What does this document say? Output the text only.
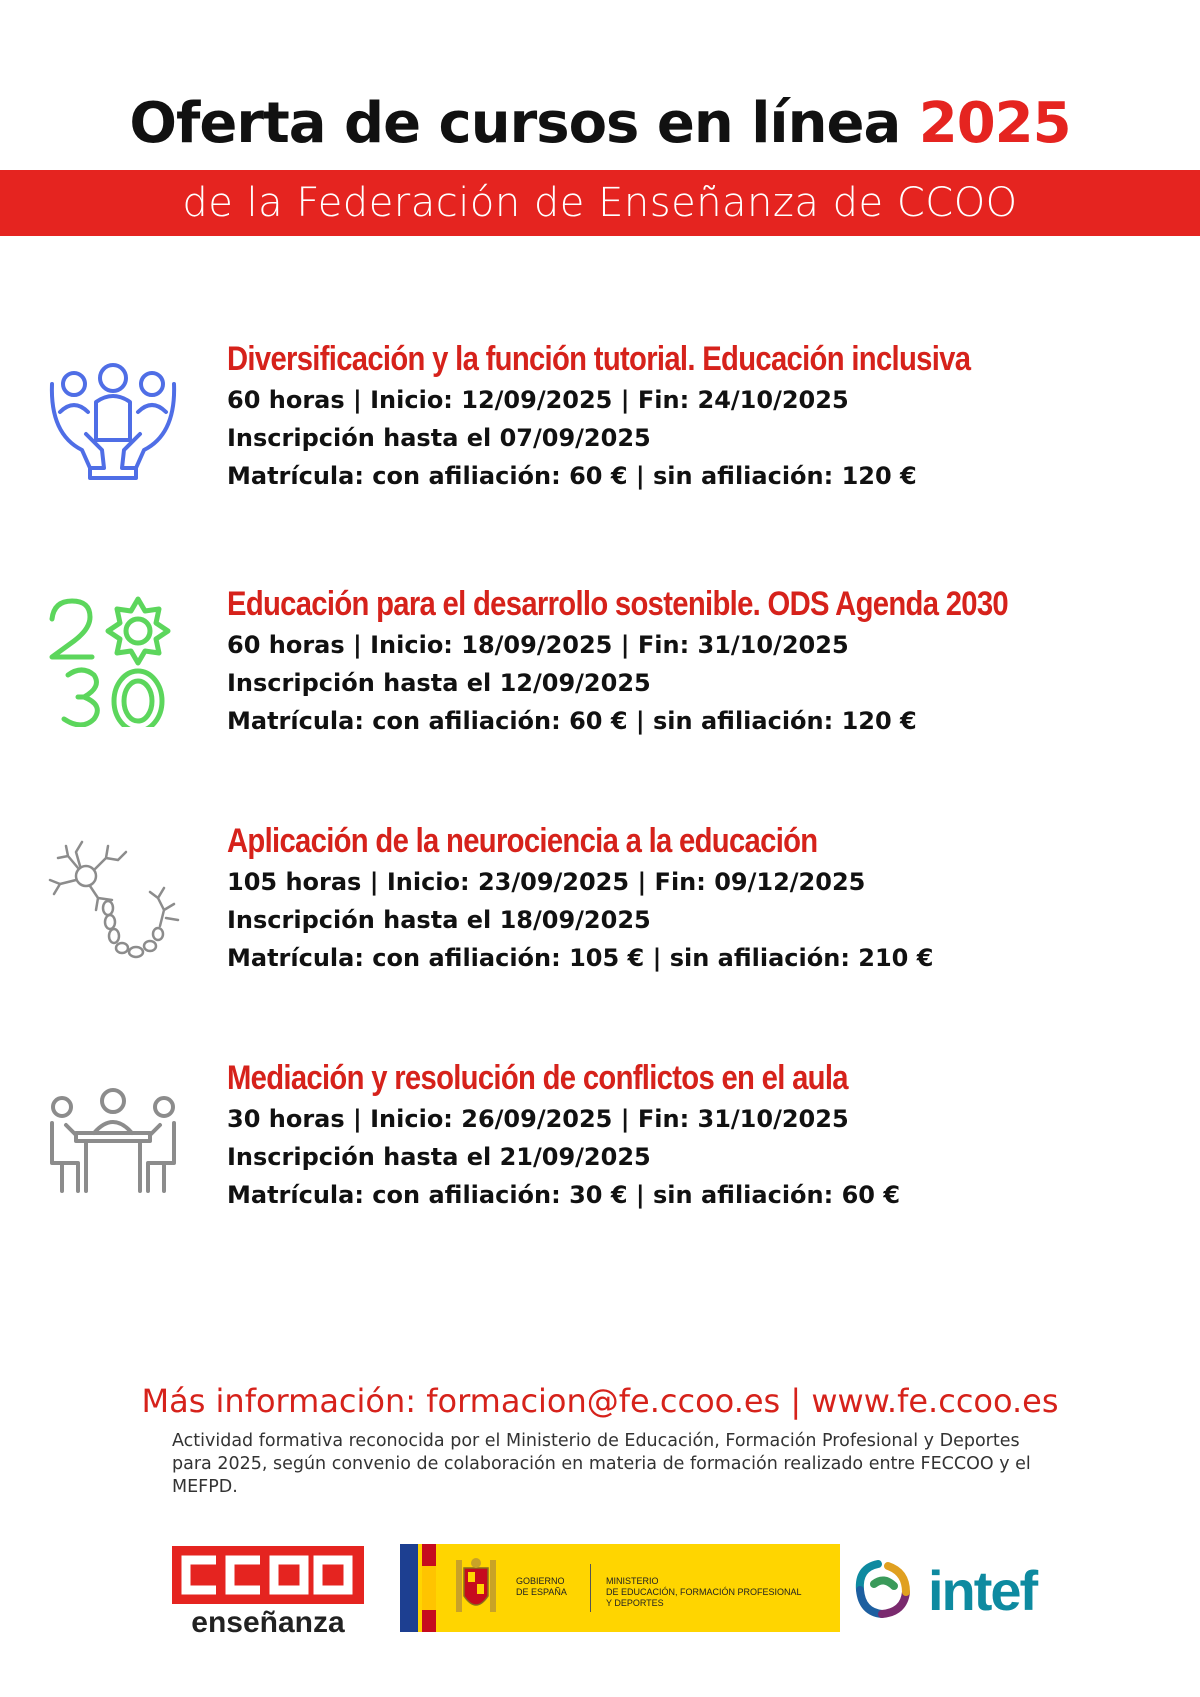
Oferta de cursos en línea 2025
de la Federación de Enseñanza de CCOO
Diversificación y la función tutorial. Educación inclusiva
60 horas | Inicio: 12/09/2025 | Fin: 24/10/2025
Inscripción hasta el 07/09/2025
Matrícula: con afiliación: 60 € | sin afiliación: 120 €
Educación para el desarrollo sostenible. ODS Agenda 2030
60 horas | Inicio: 18/09/2025 | Fin: 31/10/2025
Inscripción hasta el 12/09/2025
Matrícula: con afiliación: 60 € | sin afiliación: 120 €
Aplicación de la neurociencia a la educación
105 horas | Inicio: 23/09/2025 | Fin: 09/12/2025
Inscripción hasta el 18/09/2025
Matrícula: con afiliación: 105 € | sin afiliación: 210 €
Mediación y resolución de conflictos en el aula
30 horas | Inicio: 26/09/2025 | Fin: 31/10/2025
Inscripción hasta el 21/09/2025
Matrícula: con afiliación: 30 € | sin afiliación: 60 €
Más información: formacion@fe.ccoo.es | www.fe.ccoo.es
Actividad formativa reconocida por el Ministerio de Educación, Formación Profesional y Deportes para 2025, según convenio de colaboración en materia de formación realizado entre FECCOO y el MEFPD.
enseñanza
GOBIERNO
DE ESPAÑA
MINISTERIO
DE EDUCACIÓN, FORMACIÓN PROFESIONAL
Y DEPORTES	intef
